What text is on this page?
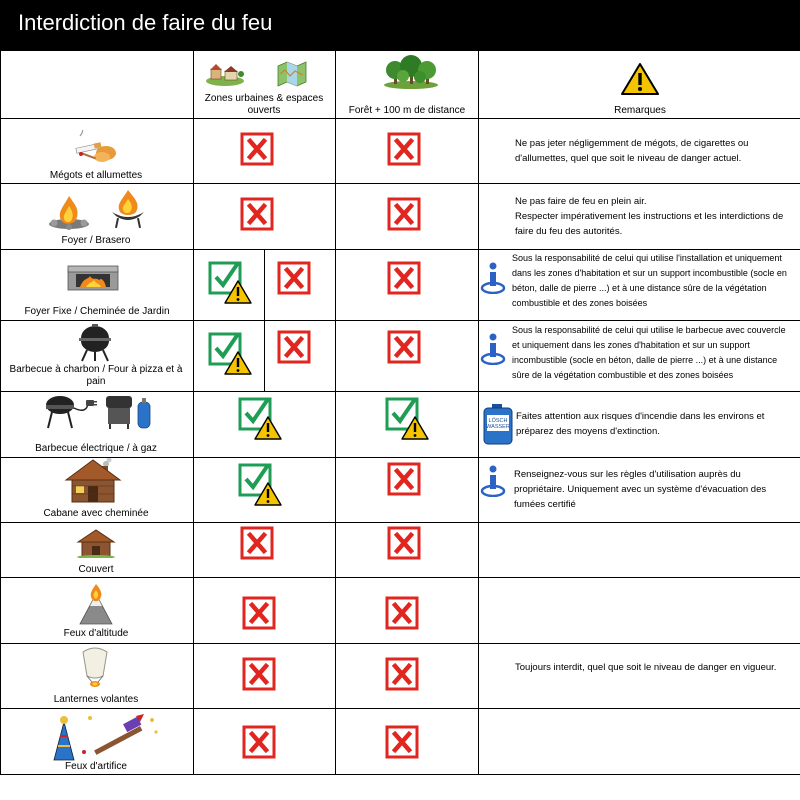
Interdiction de faire du feu
Zones urbaines & espaces ouverts	Forêt + 100 m de distance	Remarques
Mégots et allumettes
Foyer / Brasero
Foyer Fixe / Cheminée de Jardin
Barbecue à charbon / Four à pizza et à pain
Barbecue électrique / à gaz
Cabane avec cheminée
Couvert
Feux d'altitude
Lanternes volantes
Feux d'artifice

Ne pas jeter négligemment de mégots, de cigarettes ou d'allumettes, quel que soit le niveau de danger actuel.

Ne pas faire de feu en plein air.

Respecter impérativement les instructions et les interdictions de faire du feu des autorités.

Sous la responsabilité de celui qui utilise l'installation et uniquement dans les zones d'habitation et sur un support incombustible (socle en béton, dalle de pierre ...) et à une distance sûre de la végétation combustible et des zones boisées

Sous la responsabilité de celui qui utilise le barbecue avec couvercle et uniquement dans les zones d'habitation et sur un support incombustible (socle en béton, dalle de pierre ...) et à une distance sûre de la végétation combustible et des zones boisées

Faites attention aux risques d'incendie dans les environs et préparez des moyens d'extinction.

Renseignez-vous sur les règles d'utilisation auprès du propriétaire. Uniquement avec un système d'évacuation des fumées certifié

Toujours interdit, quel que soit le niveau de danger en vigueur.

LÖSCH WASSER
